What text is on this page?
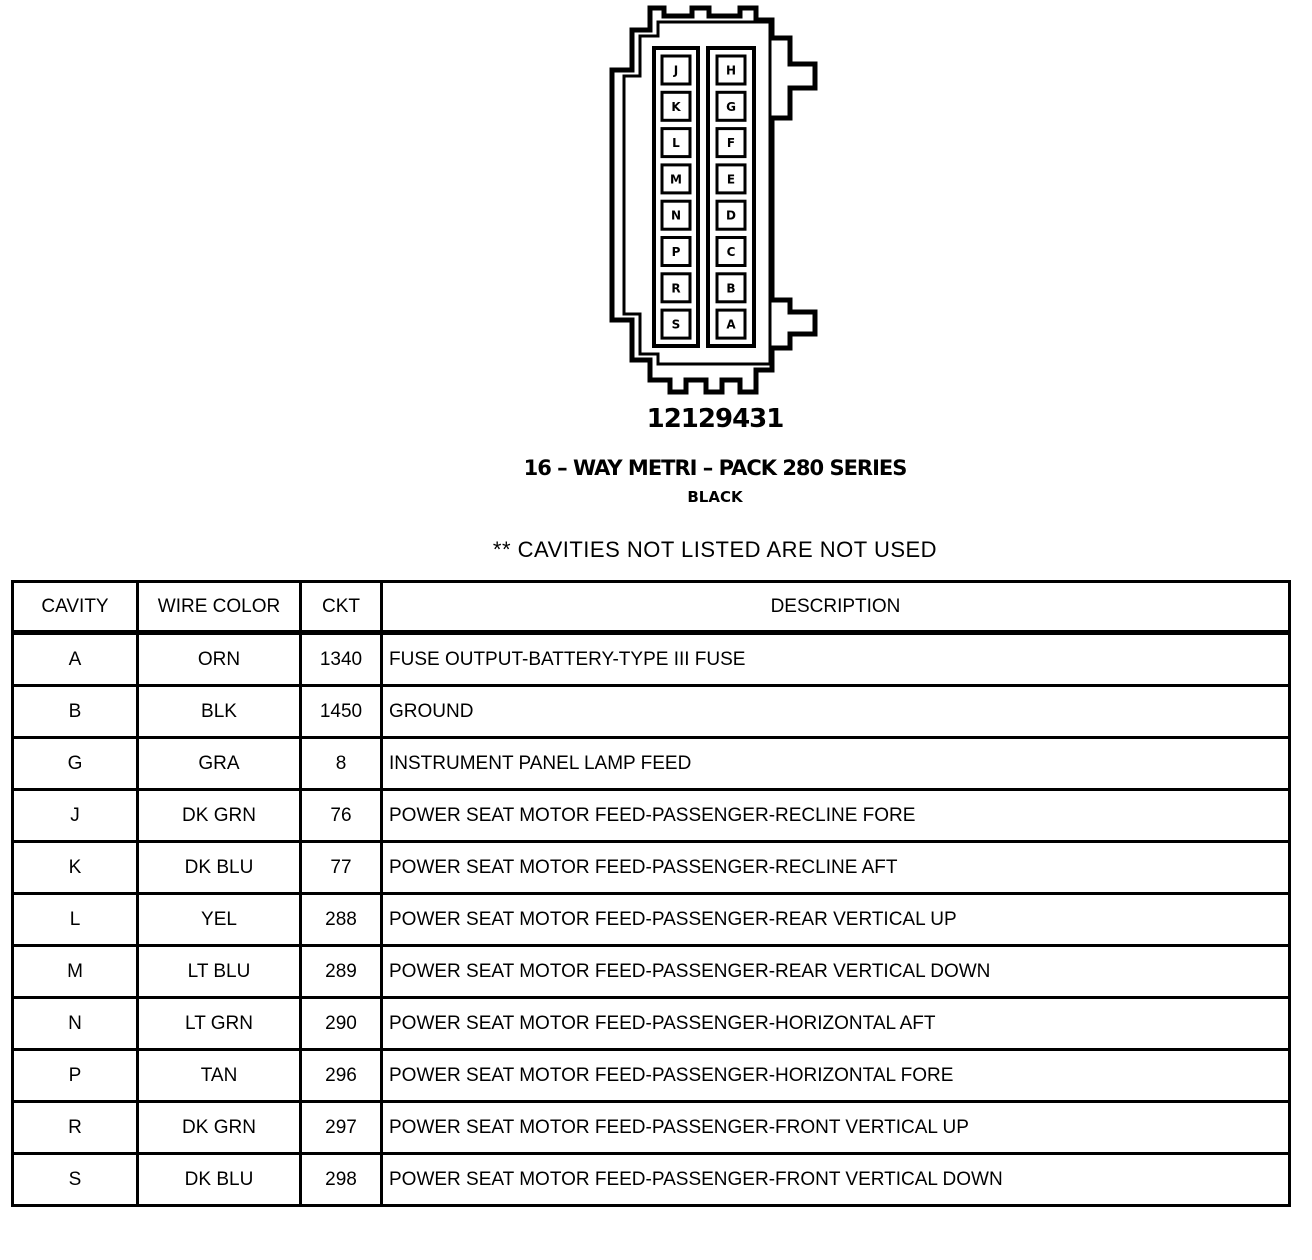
J
K
L
M
N
P
R
S
H
G
F
E
D
C
B
A
12129431
16 – WAY METRI – PACK 280 SERIES
BLACK
** CAVITIES NOT LISTED ARE NOT USED
CAVITY	WIRE COLOR	CKT	DESCRIPTION
A	ORN	1340	FUSE OUTPUT-BATTERY-TYPE III FUSE
B	BLK	1450	GROUND
G	GRA	8	INSTRUMENT PANEL LAMP FEED
J	DK GRN	76	POWER SEAT MOTOR FEED-PASSENGER-RECLINE FORE
K	DK BLU	77	POWER SEAT MOTOR FEED-PASSENGER-RECLINE AFT
L	YEL	288	POWER SEAT MOTOR FEED-PASSENGER-REAR VERTICAL UP
M	LT BLU	289	POWER SEAT MOTOR FEED-PASSENGER-REAR VERTICAL DOWN
N	LT GRN	290	POWER SEAT MOTOR FEED-PASSENGER-HORIZONTAL AFT
P	TAN	296	POWER SEAT MOTOR FEED-PASSENGER-HORIZONTAL FORE
R	DK GRN	297	POWER SEAT MOTOR FEED-PASSENGER-FRONT VERTICAL UP
S	DK BLU	298	POWER SEAT MOTOR FEED-PASSENGER-FRONT VERTICAL DOWN
